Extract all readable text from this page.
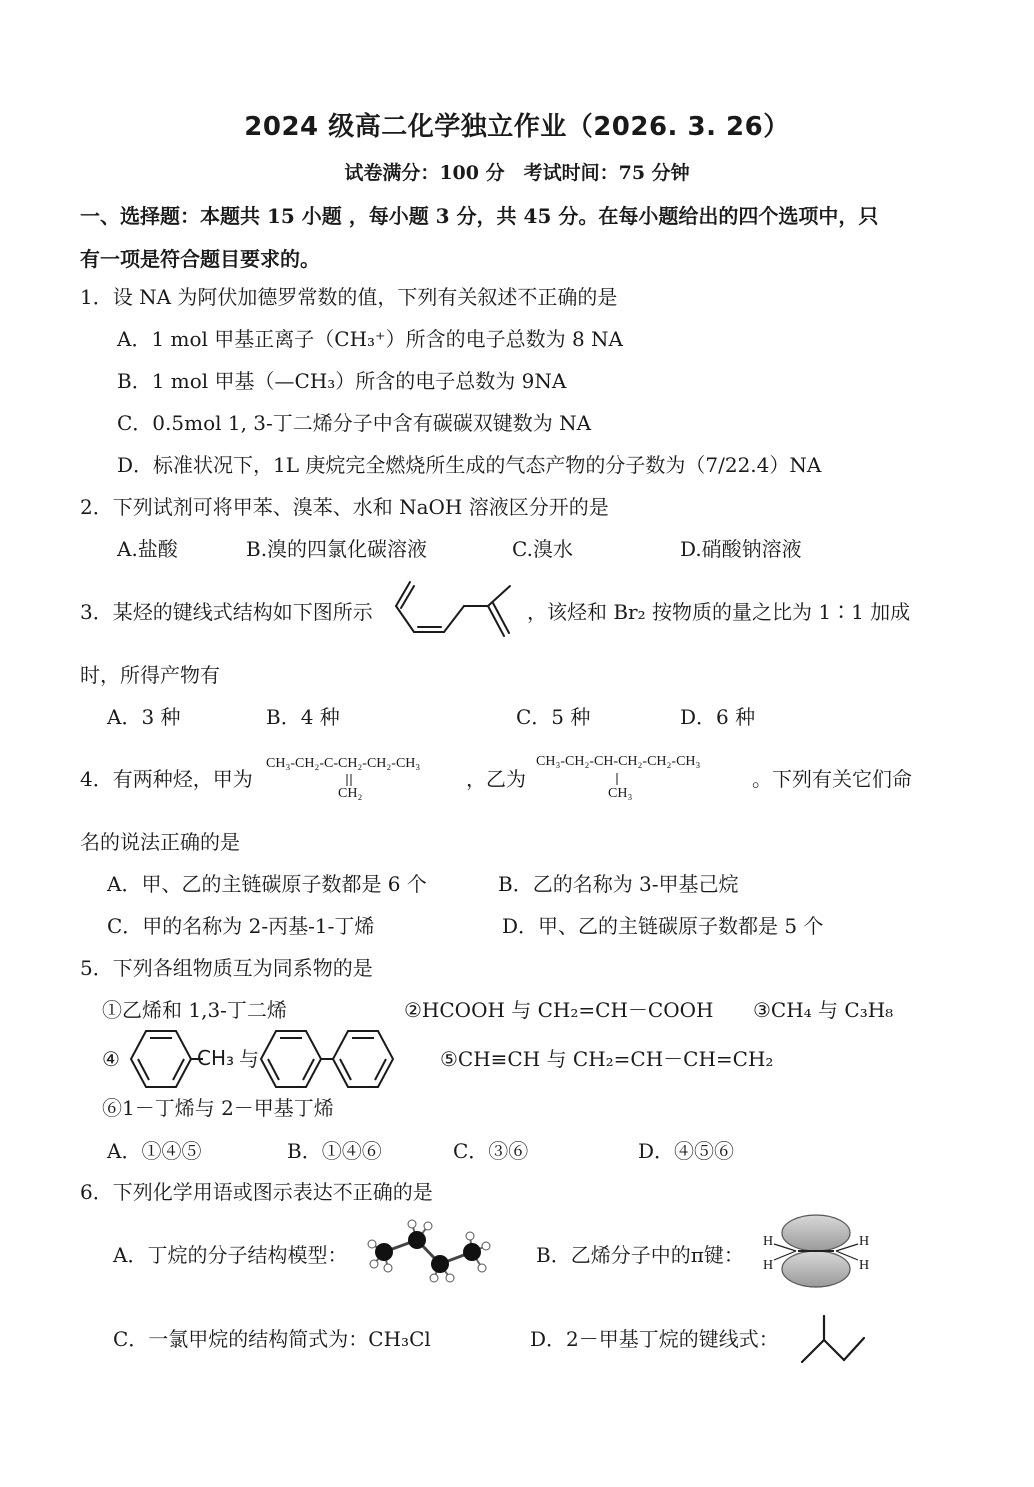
2024 级高二化学独立作业（2026. 3. 26）
试卷满分：100 分　考试时间：75 分钟
一、选择题：本题共 15 小题 ，每小题 3 分，共 45 分。在每小题给出的四个选项中，只
有一项是符合题目要求的。
1．设 NA 为阿伏加德罗常数的值，下列有关叙述不正确的是
A．1 mol 甲基正离子（CH₃⁺）所含的电子总数为 8 NA
B．1 mol 甲基（—CH₃）所含的电子总数为 9NA
C．0.5mol 1, 3-丁二烯分子中含有碳碳双键数为 NA
D．标准状况下，1L 庚烷完全燃烧所生成的气态产物的分子数为（7/22.4）NA
2．下列试剂可将甲苯、溴苯、水和 NaOH 溶液区分开的是
A.盐酸	B.溴的四氯化碳溶液	C.溴水	D.硝酸钠溶液
3．某烃的键线式结构如下图所示	，该烃和 Br₂ 按物质的量之比为 1∶1 加成
时，所得产物有
A．3 种	B．4 种	C．5 种	D．6 种
4．有两种烃，甲为
CH₃-CH₂-C-CH₂-CH₂-CH₃
CH₂
，乙为
CH₃-CH₂-CH-CH₂-CH₂-CH₃
CH₃
。下列有关它们命
名的说法正确的是
A．甲、乙的主链碳原子数都是 6 个	B．乙的名称为 3-甲基己烷
C．甲的名称为 2-丙基-1-丁烯	D．甲、乙的主链碳原子数都是 5 个
5．下列各组物质互为同系物的是
①乙烯和 1,3-丁二烯	②HCOOH 与 CH₂=CH－COOH ③CH₄ 与 C₃H₈
④	CH₃ 与	⑤CH≡CH 与 CH₂=CH－CH=CH₂
⑥1－丁烯与 2－甲基丁烯
A．①④⑤	B．①④⑥	C．③⑥	D．④⑤⑥
6．下列化学用语或图示表达不正确的是
A．丁烷的分子结构模型：	B．乙烯分子中的π键：
H
H
H
H
C．一氯甲烷的结构简式为：CH₃Cl	D．2－甲基丁烷的键线式：
